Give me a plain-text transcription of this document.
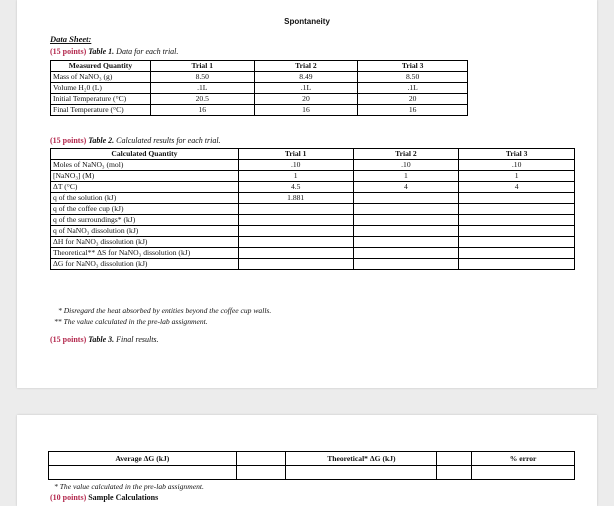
Spontaneity
Data Sheet:
(15 points) Table 1. Data for each trial.
Measured Quantity	Trial 1	Trial 2	Trial 3
Mass of NaNO₃ (g)	8.50	8.49	8.50
Volume H₂0 (L)	.1L	.1L	.1L
Initial Temperature (°C)	20.5	20	20
Final Temperature (°C)	16	16	16
(15 points) Table 2. Calculated results for each trial.
Calculated Quantity	Trial 1	Trial 2	Trial 3
Moles of NaNO₃ (mol)	.10	.10	.10
[NaNO₃] (M)	1	1	1
ΔT (°C)	4.5	4	4
q of the solution (kJ)	1.881		
q of the coffee cup (kJ)			
q of the surroundings* (kJ)			
q of NaNO₃ dissolution (kJ)			
ΔH for NaNO₃ dissolution (kJ)			
Theoretical** ΔS for NaNO₃ dissolution (kJ)			
ΔG for NaNO₃ dissolution (kJ)			
* Disregard the heat absorbed by entities beyond the coffee cup walls.
** The value calculated in the pre-lab assignment.
(15 points) Table 3. Final results.
Average ΔG (kJ)		Theoretical* ΔG (kJ)		% error

* The value calculated in the pre-lab assignment.
(10 points) Sample Calculations
